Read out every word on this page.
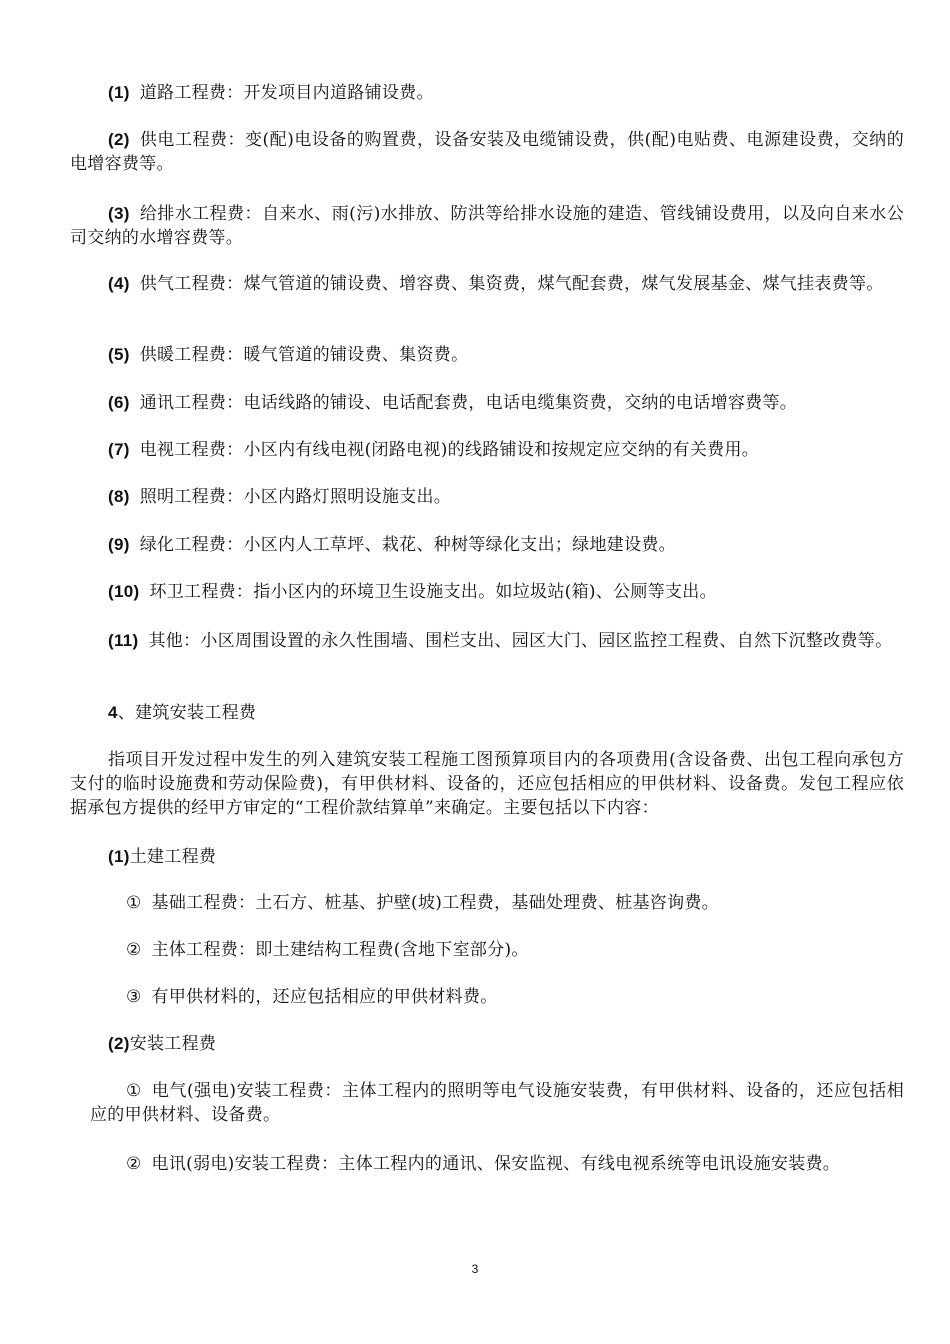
(1) 道路工程费：开发项目内道路铺设费。

(2) 供电工程费：变(配)电设备的购置费，设备安装及电缆铺设费，供(配)电贴费、电源建设费，交纳的电增容费等。

(3) 给排水工程费：自来水、雨(污)水排放、防洪等给排水设施的建造、管线铺设费用，以及向自来水公司交纳的水增容费等。

(4) 供气工程费：煤气管道的铺设费、增容费、集资费，煤气配套费，煤气发展基金、煤气挂表费等。

(5) 供暖工程费：暖气管道的铺设费、集资费。

(6) 通讯工程费：电话线路的铺设、电话配套费，电话电缆集资费，交纳的电话增容费等。

(7) 电视工程费：小区内有线电视(闭路电视)的线路铺设和按规定应交纳的有关费用。

(8) 照明工程费：小区内路灯照明设施支出。

(9) 绿化工程费：小区内人工草坪、栽花、种树等绿化支出；绿地建设费。

(10) 环卫工程费：指小区内的环境卫生设施支出。如垃圾站(箱)、公厕等支出。

(11) 其他：小区周围设置的永久性围墙、围栏支出、园区大门、园区监控工程费、自然下沉整改费等。

4、建筑安装工程费

指项目开发过程中发生的列入建筑安装工程施工图预算项目内的各项费用(含设备费、出包工程向承包方支付的临时设施费和劳动保险费)，有甲供材料、设备的，还应包括相应的甲供材料、设备费。发包工程应依据承包方提供的经甲方审定的“工程价款结算单”来确定。主要包括以下内容：

(1)土建工程费

① 基础工程费：土石方、桩基、护壁(坡)工程费，基础处理费、桩基咨询费。

② 主体工程费：即土建结构工程费(含地下室部分)。

③ 有甲供材料的，还应包括相应的甲供材料费。

(2)安装工程费

① 电气(强电)安装工程费：主体工程内的照明等电气设施安装费，有甲供材料、设备的，还应包括相应的甲供材料、设备费。

② 电讯(弱电)安装工程费：主体工程内的通讯、保安监视、有线电视系统等电讯设施安装费。

3
